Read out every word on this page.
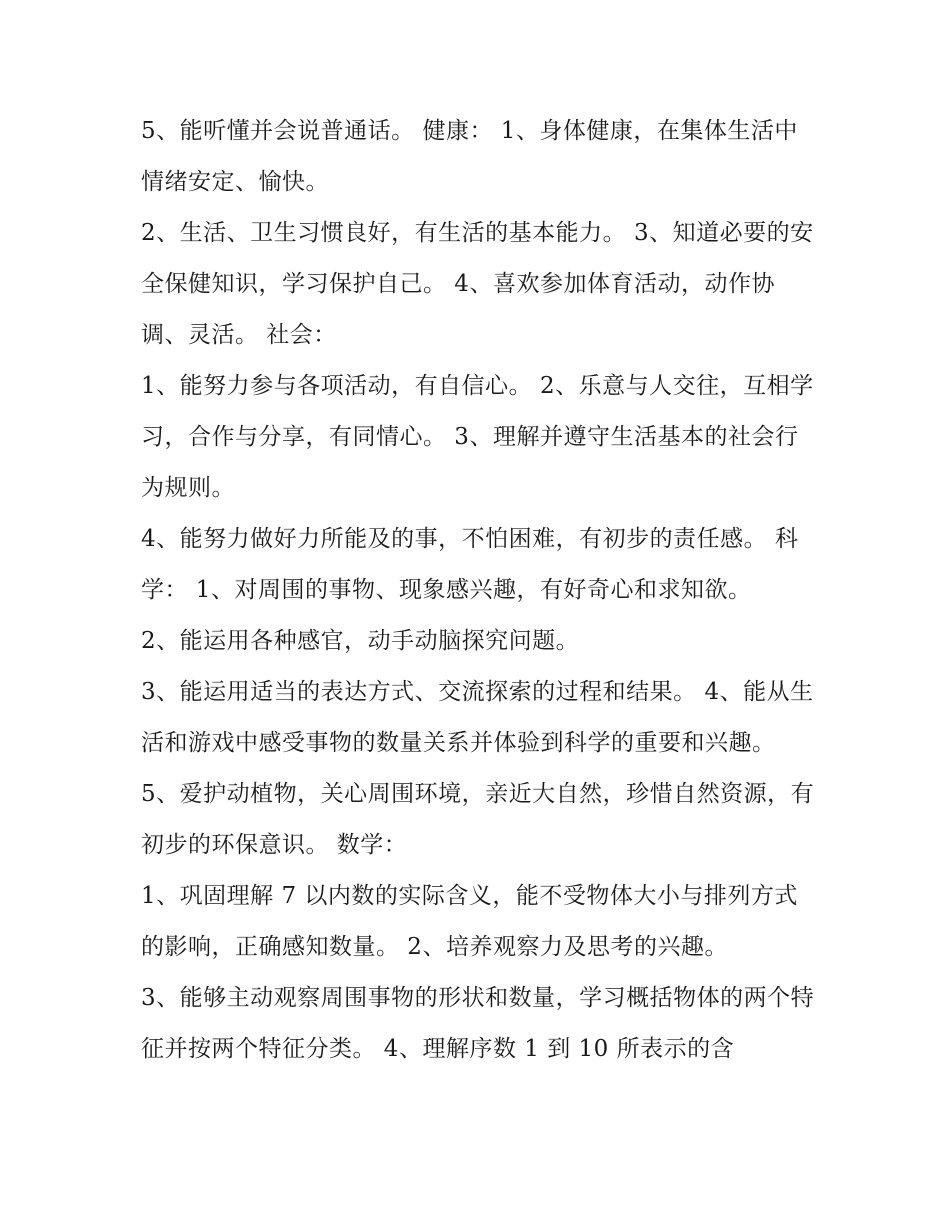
5、能听懂并会说普通话。 健康： 1、身体健康，在集体生活中情绪安定、愉快。

2、生活、卫生习惯良好，有生活的基本能力。 3、知道必要的安全保健知识，学习保护自己。 4、喜欢参加体育活动，动作协调、灵活。 社会：

1、能努力参与各项活动，有自信心。 2、乐意与人交往，互相学习，合作与分享，有同情心。 3、理解并遵守生活基本的社会行为规则。

4、能努力做好力所能及的事，不怕困难，有初步的责任感。 科学： 1、对周围的事物、现象感兴趣，有好奇心和求知欲。

2、能运用各种感官，动手动脑探究问题。

3、能运用适当的表达方式、交流探索的过程和结果。 4、能从生活和游戏中感受事物的数量关系并体验到科学的重要和兴趣。

5、爱护动植物，关心周围环境，亲近大自然，珍惜自然资源，有初步的环保意识。 数学：

1、巩固理解 7 以内数的实际含义，能不受物体大小与排列方式的影响，正确感知数量。 2、培养观察力及思考的兴趣。

3、能够主动观察周围事物的形状和数量，学习概括物体的两个特征并按两个特征分类。 4、理解序数 1 到 10 所表示的含
